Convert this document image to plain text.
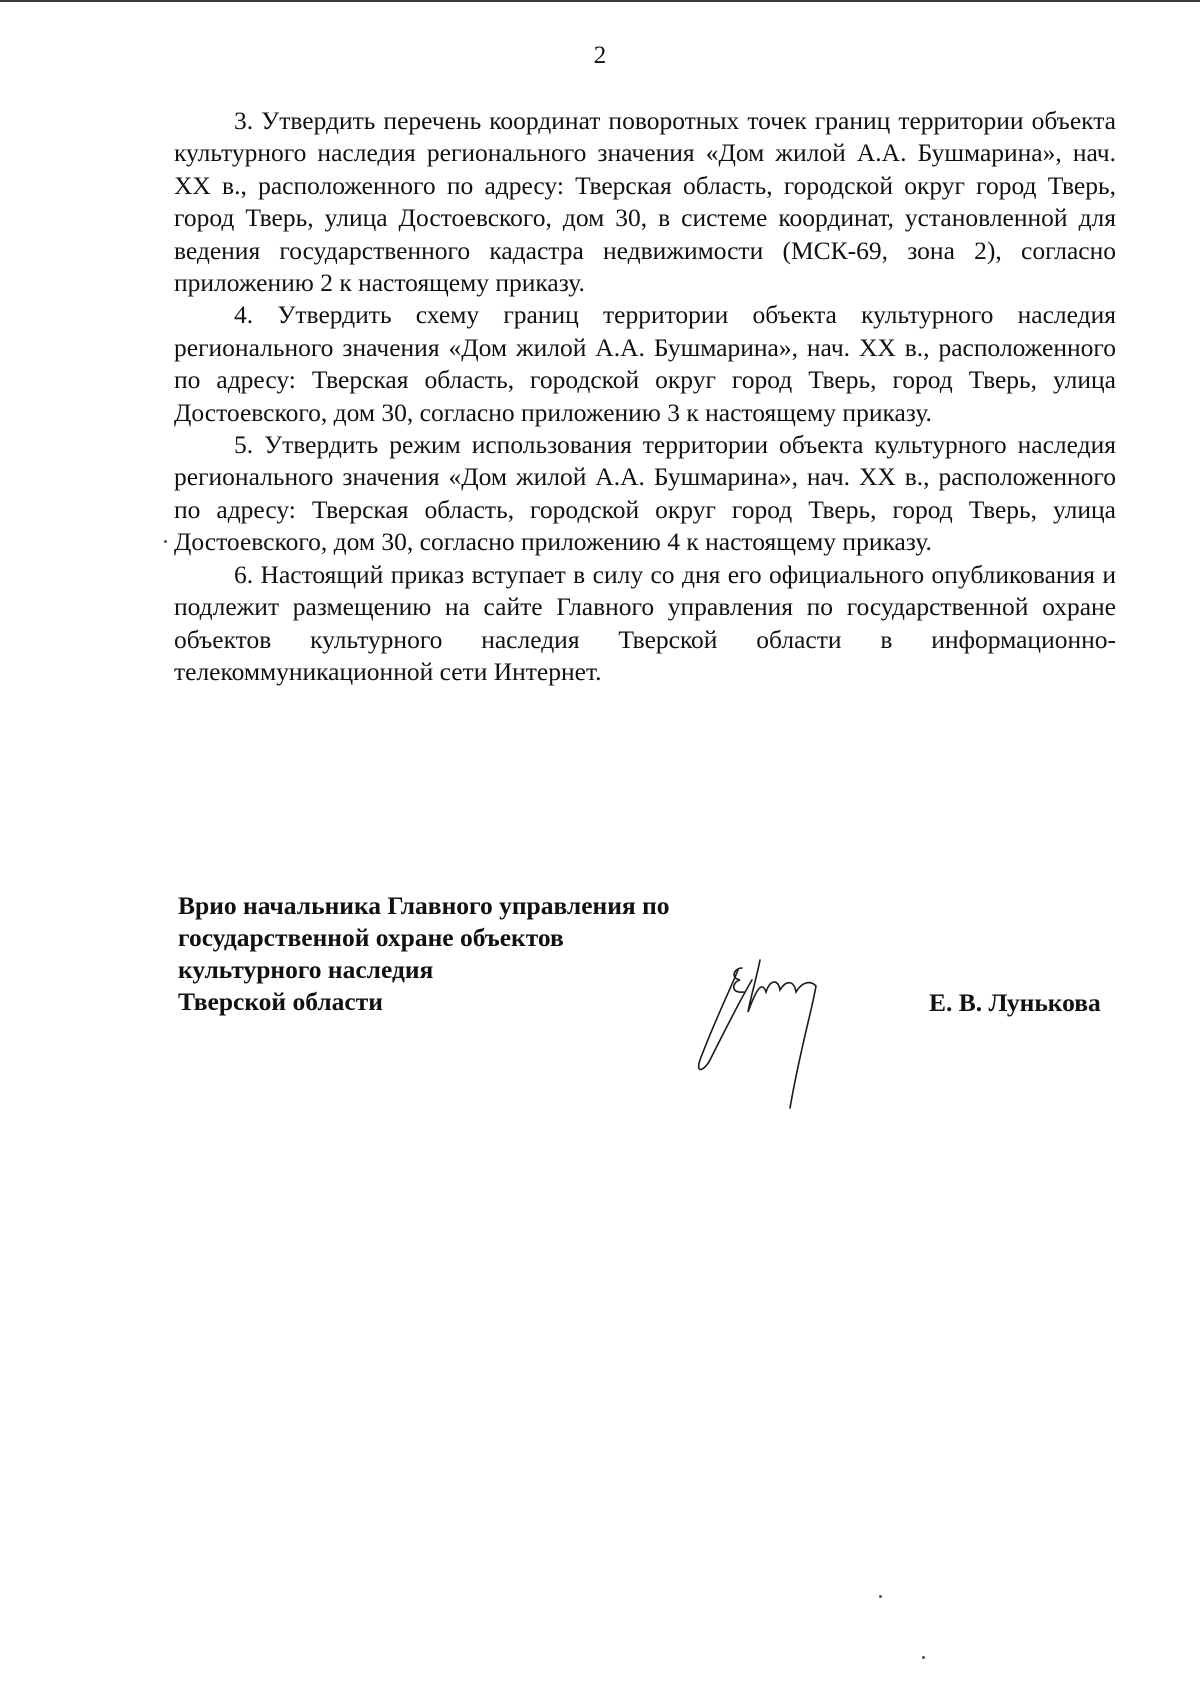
2

3. Утвердить перечень координат поворотных точек границ территории объекта культурного наследия регионального значения «Дом жилой А.А. Бушмарина», нач. XX в., расположенного по адресу: Тверская область, городской округ город Тверь, город Тверь, улица Достоевского, дом 30, в системе координат, установленной для ведения государственного кадастра недвижимости (МСК-69, зона 2), согласно приложению 2 к настоящему приказу.

4. Утвердить схему границ территории объекта культурного наследия регионального значения «Дом жилой А.А. Бушмарина», нач. XX в., расположенного по адресу: Тверская область, городской округ город Тверь, город Тверь, улица Достоевского, дом 30, согласно приложению 3 к настоящему приказу.

5. Утвердить режим использования территории объекта культурного наследия регионального значения «Дом жилой А.А. Бушмарина», нач. XX в., расположенного по адресу: Тверская область, городской округ город Тверь, город Тверь, улица Достоевского, дом 30, согласно приложению 4 к настоящему приказу.

6. Настоящий приказ вступает в силу со дня его официального опубликования и подлежит размещению на сайте Главного управления по государственной охране объектов культурного наследия Тверской области в информационно-телекоммуникационной сети Интернет.

Врио начальника Главного управления по
государственной охране объектов
культурного наследия
Тверской области	Е. В. Лунькова
